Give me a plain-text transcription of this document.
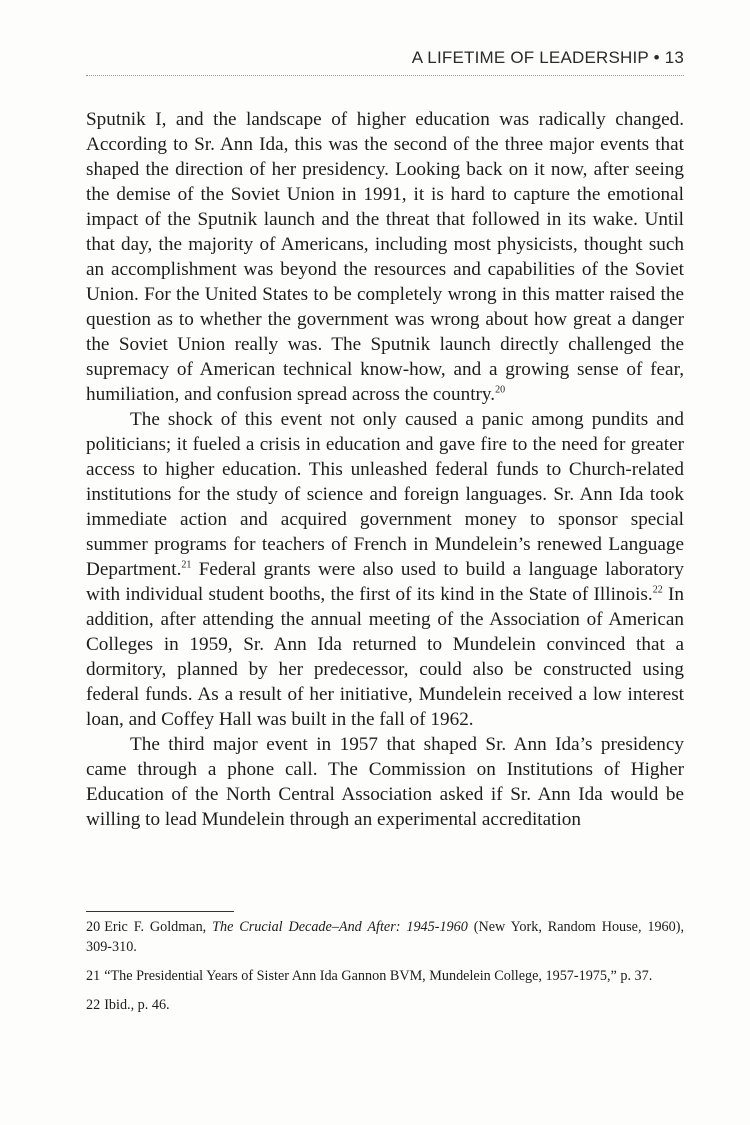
A LIFETIME OF LEADERSHIP • 13

Sputnik I, and the landscape of higher education was radically changed. According to Sr. Ann Ida, this was the second of the three major events that shaped the direction of her presidency. Looking back on it now, after seeing the demise of the Soviet Union in 1991, it is hard to capture the emotional impact of the Sputnik launch and the threat that followed in its wake. Until that day, the majority of Americans, including most physicists, thought such an accomplishment was beyond the resources and capabilities of the Soviet Union. For the United States to be completely wrong in this matter raised the question as to whether the government was wrong about how great a danger the Soviet Union really was. The Sputnik launch directly challenged the supremacy of American technical know-how, and a growing sense of fear, humiliation, and confusion spread across the country.$^{20}$

The shock of this event not only caused a panic among pundits and politicians; it fueled a crisis in education and gave fire to the need for greater access to higher education. This unleashed federal funds to Church-related institutions for the study of science and foreign languages. Sr. Ann Ida took immediate action and acquired government money to sponsor special summer programs for teachers of French in Mundelein’s renewed Language Department.$^{21}$ Federal grants were also used to build a language laboratory with individual student booths, the first of its kind in the State of Illinois.$^{22}$ In addition, after attending the annual meeting of the Association of American Colleges in 1959, Sr. Ann Ida returned to Mundelein convinced that a dormitory, planned by her predecessor, could also be constructed using federal funds. As a result of her initiative, Mundelein received a low interest loan, and Coffey Hall was built in the fall of 1962.

The third major event in 1957 that shaped Sr. Ann Ida’s presidency came through a phone call. The Commission on Institutions of Higher Education of the North Central Association asked if Sr. Ann Ida would be willing to lead Mundelein through an experimental accreditation

20 Eric F. Goldman, The Crucial Decade–And After: 1945-1960 (New York, Random House, 1960), 309-310.

21 “The Presidential Years of Sister Ann Ida Gannon BVM, Mundelein College, 1957-1975,” p. 37.

22 Ibid., p. 46.
